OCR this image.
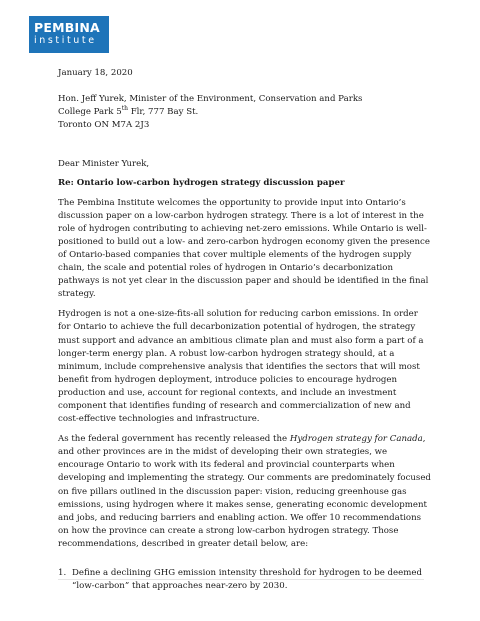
PEMBINA
institute
January 18, 2020
Hon. Jeff Yurek, Minister of the Environment, Conservation and Parks
College Park 5th Flr, 777 Bay St.
Toronto ON M7A 2J3
Dear Minister Yurek,
Re: Ontario low-carbon hydrogen strategy discussion paper

The Pembina Institute welcomes the opportunity to provide input into Ontario’s discussion paper on a low-carbon hydrogen strategy. There is a lot of interest in the role of hydrogen contributing to achieving net-zero emissions. While Ontario is well-positioned to build out a low- and zero-carbon hydrogen economy given the presence of Ontario-based companies that cover multiple elements of the hydrogen supply chain, the scale and potential roles of hydrogen in Ontario’s decarbonization pathways is not yet clear in the discussion paper and should be identified in the final strategy.

Hydrogen is not a one-size-fits-all solution for reducing carbon emissions. In order for Ontario to achieve the full decarbonization potential of hydrogen, the strategy must support and advance an ambitious climate plan and must also form a part of a longer-term energy plan. A robust low-carbon hydrogen strategy should, at a minimum, include comprehensive analysis that identifies the sectors that will most benefit from hydrogen deployment, introduce policies to encourage hydrogen production and use, account for regional contexts, and include an investment component that identifies funding of research and commercialization of new and cost-effective technologies and infrastructure.

As the federal government has recently released the Hydrogen strategy for Canada, and other provinces are in the midst of developing their own strategies, we encourage Ontario to work with its federal and provincial counterparts when developing and implementing the strategy. Our comments are predominately focused on five pillars outlined in the discussion paper: vision, reducing greenhouse gas emissions, using hydrogen where it makes sense, generating economic development and jobs, and reducing barriers and enabling action. We offer 10 recommendations on how the province can create a strong low-carbon hydrogen strategy. Those recommendations, described in greater detail below, are:

1. Define a declining GHG emission intensity threshold for hydrogen to be deemed “low-carbon” that approaches near-zero by 2030.
